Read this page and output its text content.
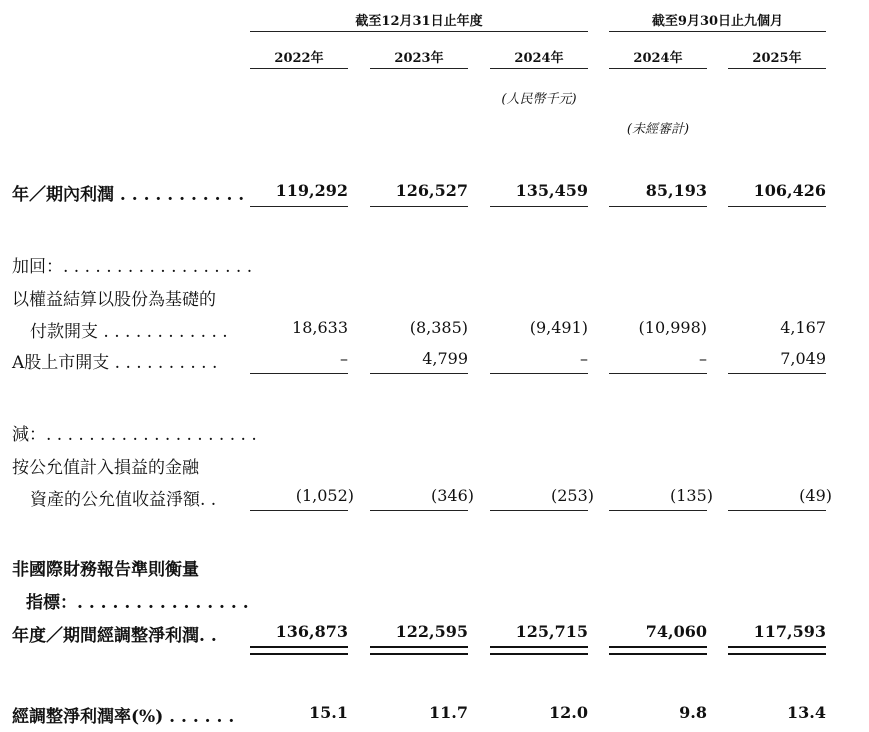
截至12月31日止年度	截至9月30日止九個月
2022年	2023年	2024年	2024年	2025年
(人民幣千元)
(未經審計)
年／期內利潤 . . . . . . . . . . .	119,292	126,527	135,459	85,193	106,426
加回：. . . . . . . . . . . . . . . . . .
以權益結算以股份為基礎的
付款開支 . . . . . . . . . . . .	18,633	(8,385)	(9,491)	(10,998)	4,167
A股上市開支 . . . . . . . . . .	–	4,799	–	–	7,049
減：. . . . . . . . . . . . . . . . . . . .
按公允值計入損益的金融
資產的公允值收益淨額. .	(1,052)	(346)	(253)	(135)	(49)
非國際財務報告準則衡量
指標：. . . . . . . . . . . . . . .
年度／期間經調整淨利潤. .	136,873	122,595	125,715	74,060	117,593
經調整淨利潤率(%) . . . . . .	15.1	11.7	12.0	9.8	13.4
